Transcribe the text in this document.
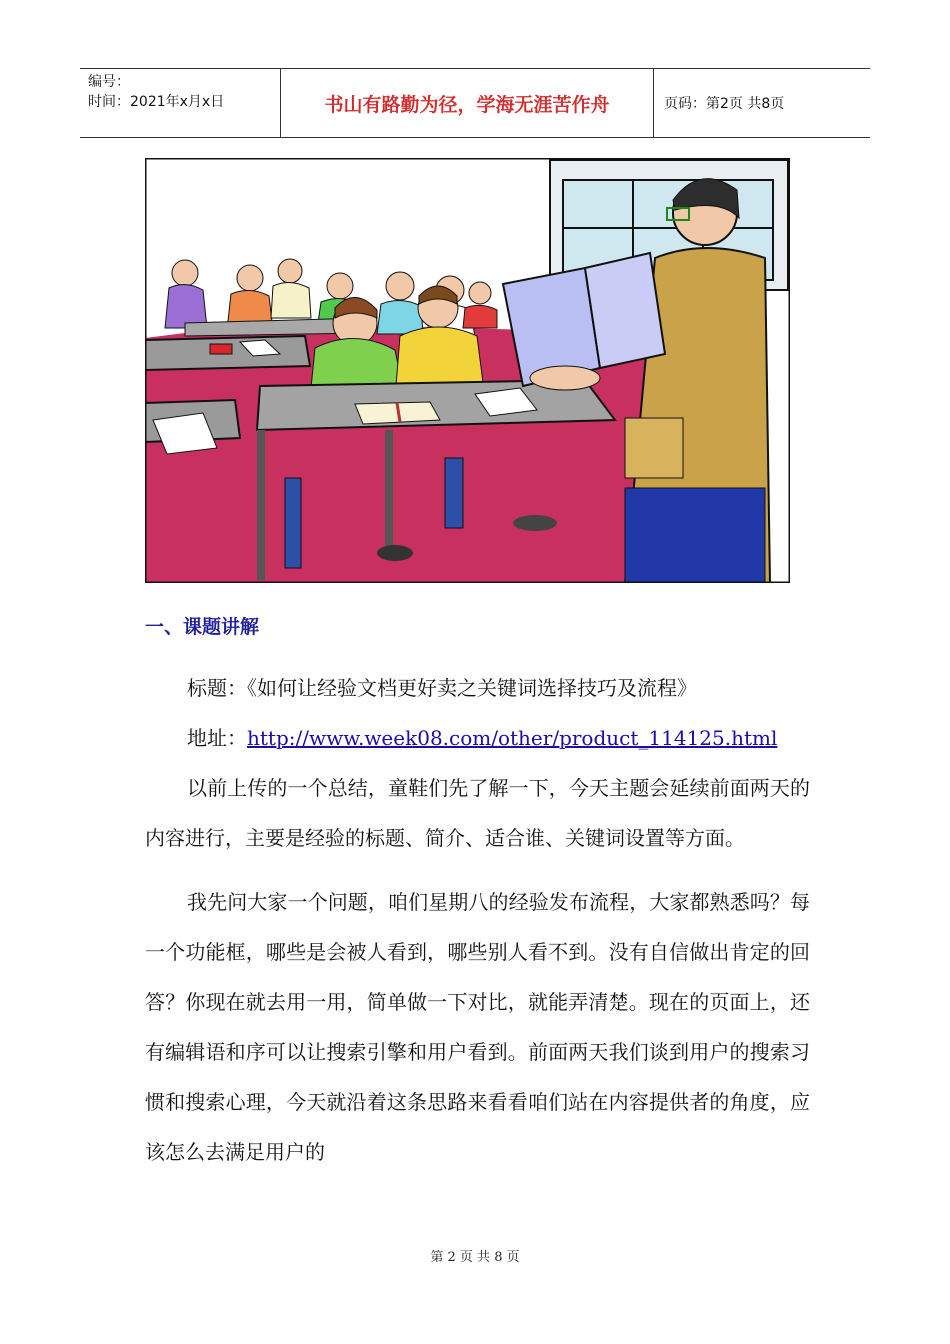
编号：
时间：2021年x月x日	书山有路勤为径，学海无涯苦作舟	页码：第2页 共8页
一、课题讲解

标题：《如何让经验文档更好卖之关键词选择技巧及流程》

地址：http://www.week08.com/other/product_114125.html

以前上传的一个总结，童鞋们先了解一下，今天主题会延续前面两天的内容进行，主要是经验的标题、简介、适合谁、关键词设置等方面。

我先问大家一个问题，咱们星期八的经验发布流程，大家都熟悉吗？每一个功能框，哪些是会被人看到，哪些别人看不到。没有自信做出肯定的回答？你现在就去用一用，简单做一下对比，就能弄清楚。现在的页面上，还有编辑语和序可以让搜索引擎和用户看到。前面两天我们谈到用户的搜索习惯和搜索心理，今天就沿着这条思路来看看咱们站在内容提供者的角度，应该怎么去满足用户的

第 2 页 共 8 页
